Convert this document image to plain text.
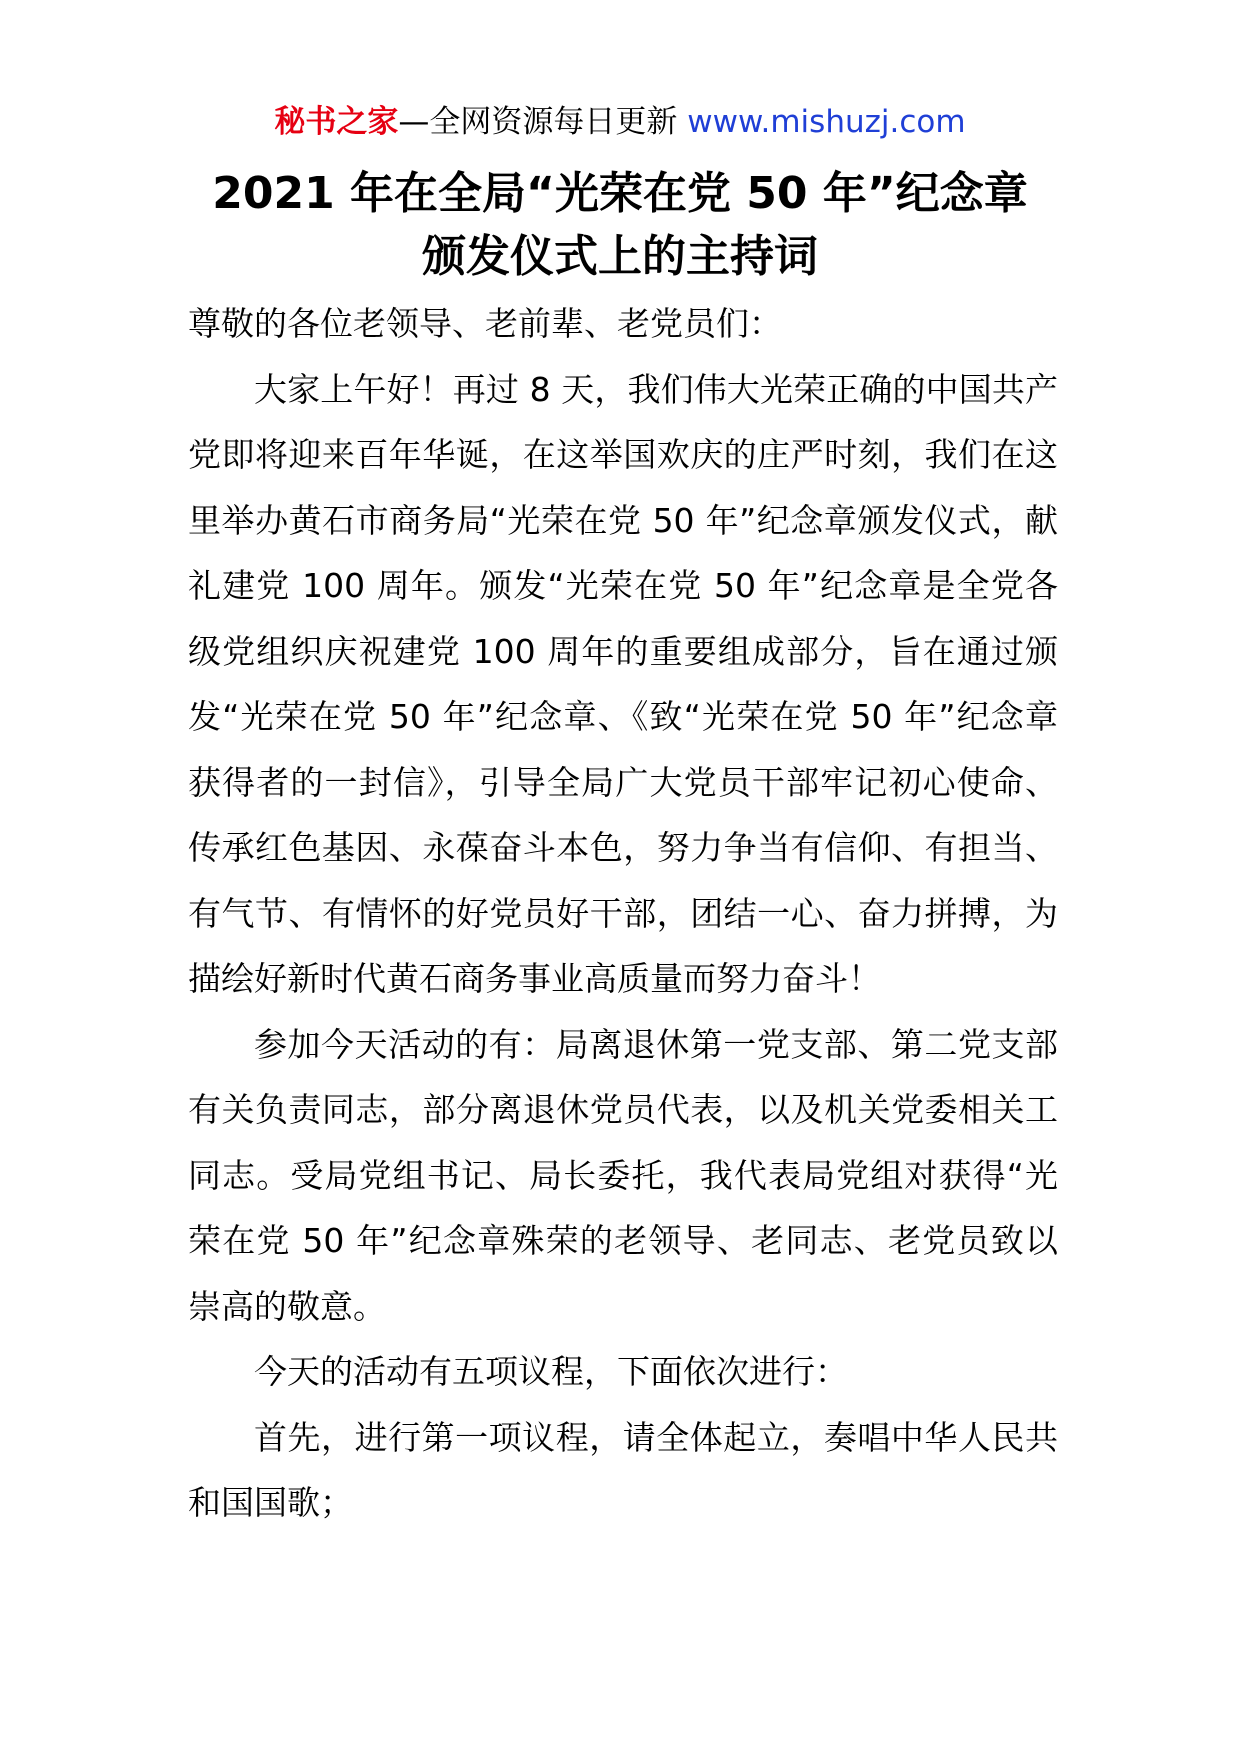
秘书之家—全网资源每日更新 www.mishuzj.com
2021 年在全局“光荣在党 50 年”纪念章
颁发仪式上的主持词

尊敬的各位老领导、老前辈、老党员们：

大家上午好！再过 8 天，我们伟大光荣正确的中国共产党即将迎来百年华诞，在这举国欢庆的庄严时刻，我们在这里举办黄石市商务局“光荣在党 50 年”纪念章颁发仪式，献礼建党 100 周年。颁发“光荣在党 50 年”纪念章是全党各级党组织庆祝建党 100 周年的重要组成部分，旨在通过颁发“光荣在党 50 年”纪念章、《致“光荣在党 50 年”纪念章获得者的一封信》，引导全局广大党员干部牢记初心使命、传承红色基因、永葆奋斗本色，努力争当有信仰、有担当、有气节、有情怀的好党员好干部，团结一心、奋力拼搏，为描绘好新时代黄石商务事业高质量而努力奋斗！

参加今天活动的有：局离退休第一党支部、第二党支部有关负责同志，部分离退休党员代表，以及机关党委相关工同志。受局党组书记、局长委托，我代表局党组对获得“光荣在党 50 年”纪念章殊荣的老领导、老同志、老党员致以崇高的敬意。

今天的活动有五项议程，下面依次进行：

首先，进行第一项议程，请全体起立，奏唱中华人民共和国国歌；
